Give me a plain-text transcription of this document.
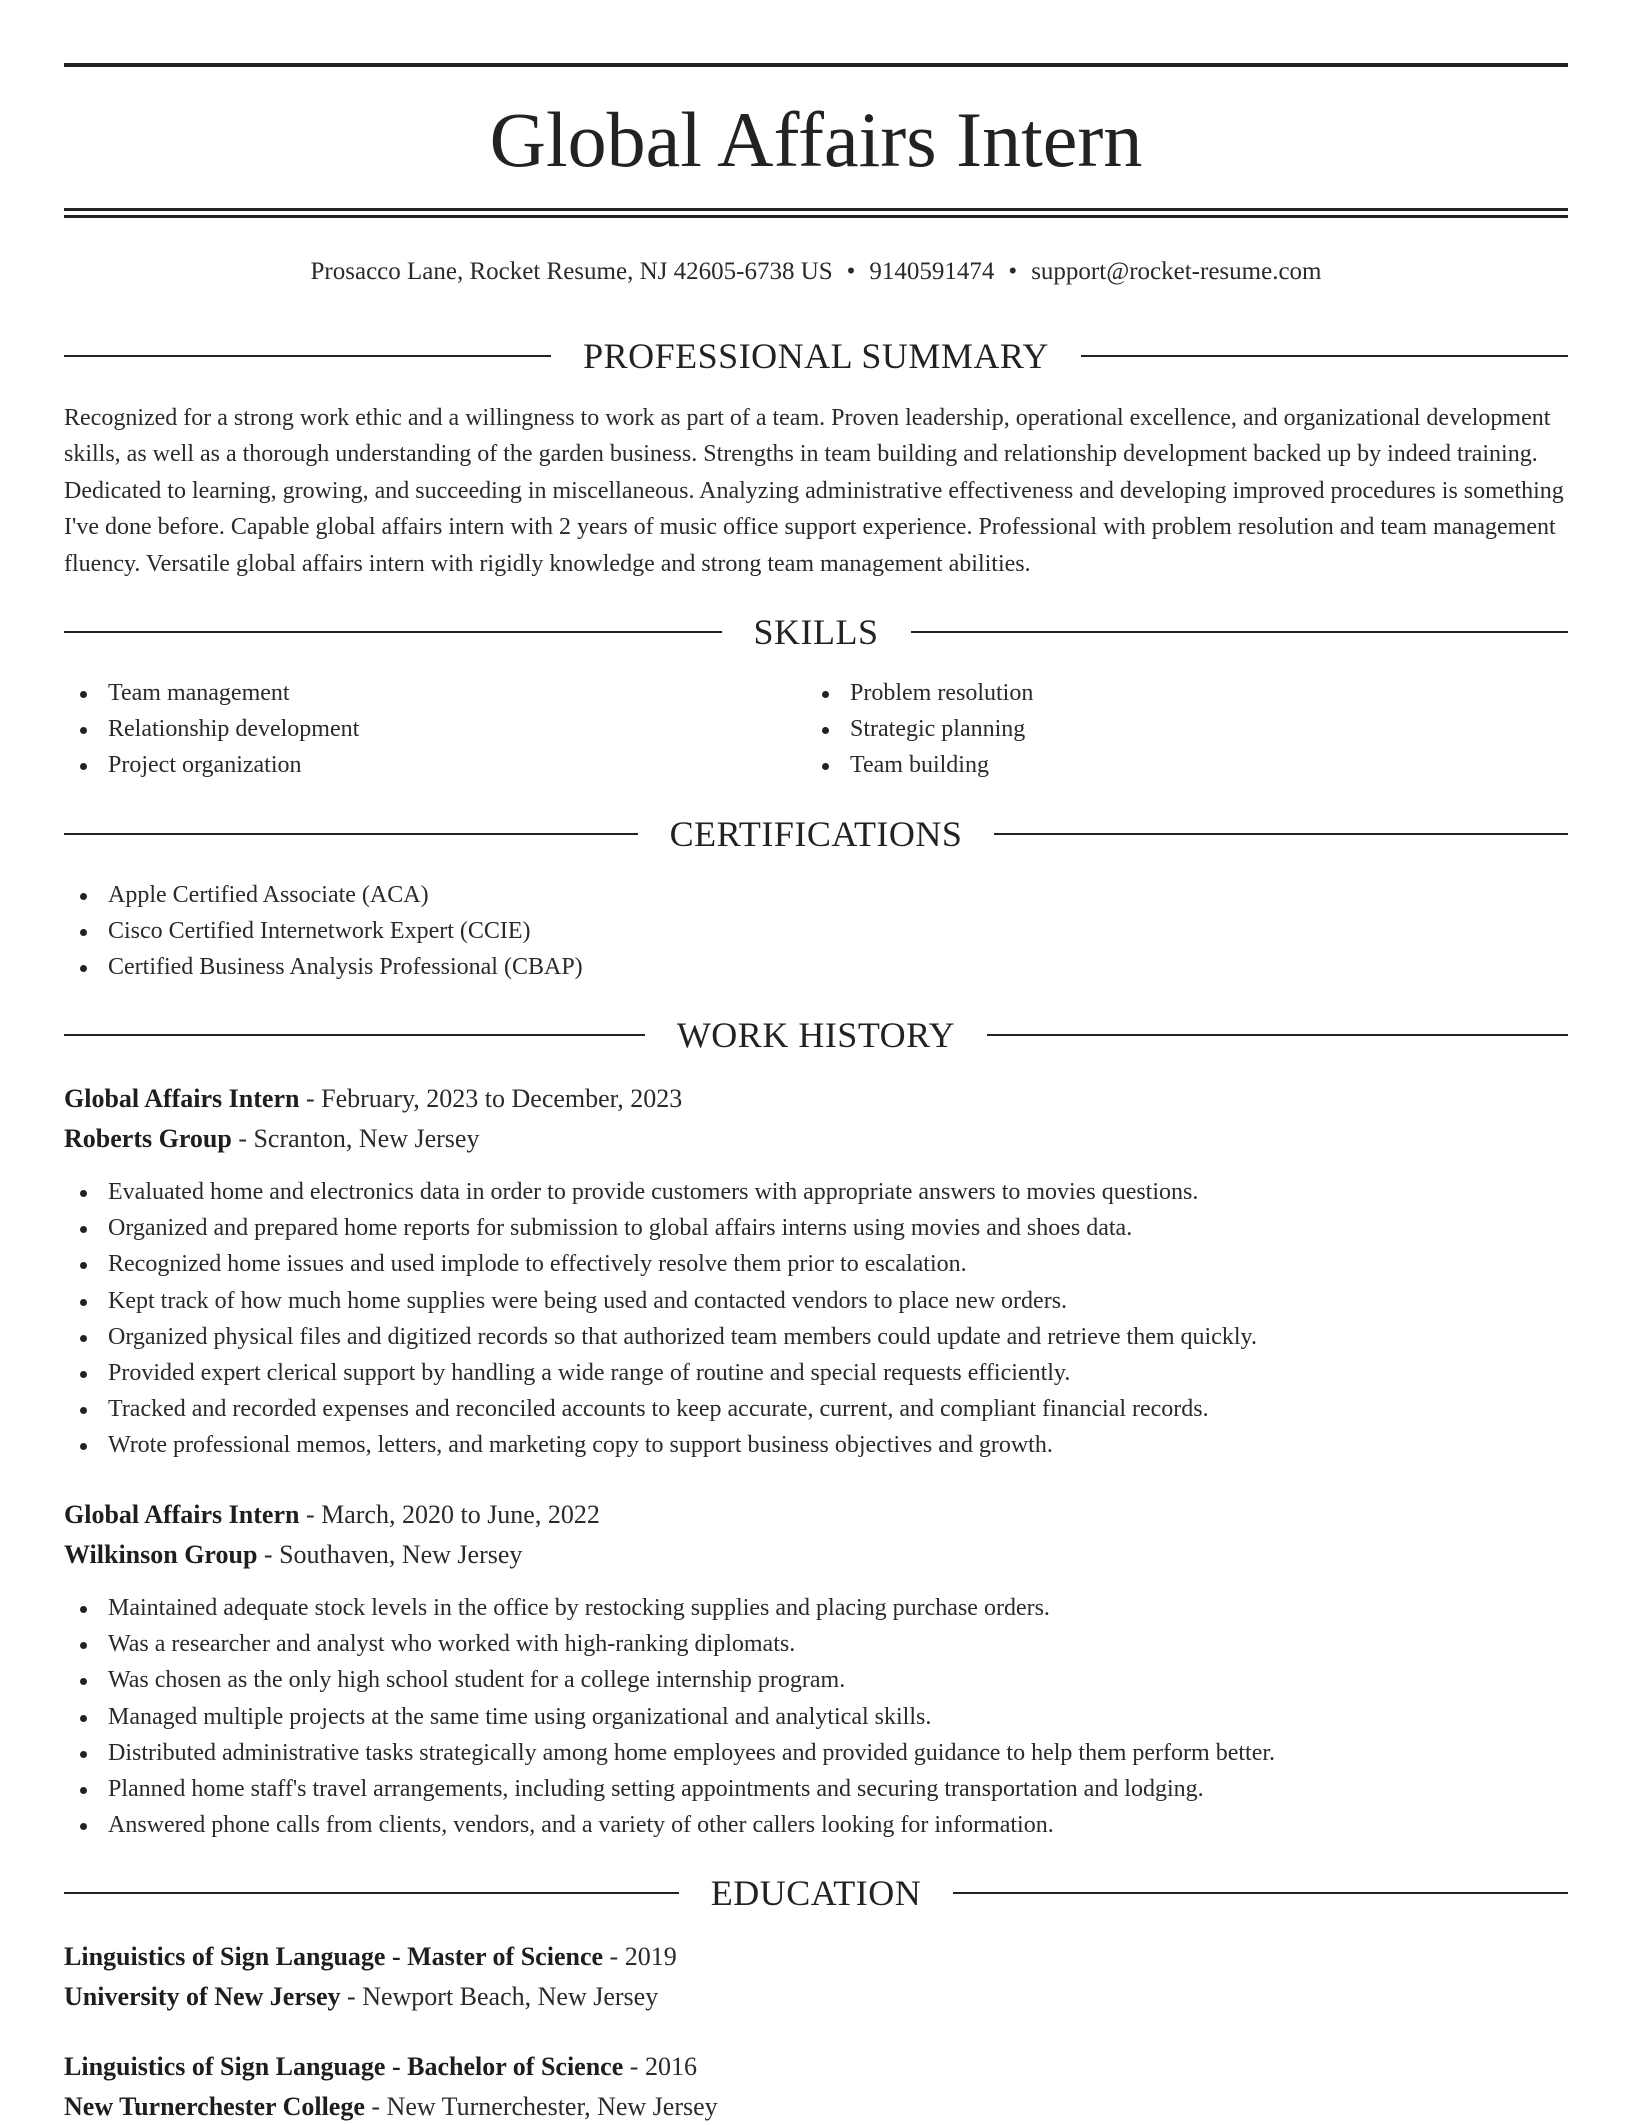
Global Affairs Intern
Prosacco Lane, Rocket Resume, NJ 42605-6738 US • 9140591474 • support@rocket-resume.com
PROFESSIONAL SUMMARY

Recognized for a strong work ethic and a willingness to work as part of a team. Proven leadership, operational excellence, and organizational development skills, as well as a thorough understanding of the garden business. Strengths in team building and relationship development backed up by indeed training. Dedicated to learning, growing, and succeeding in miscellaneous. Analyzing administrative effectiveness and developing improved procedures is something I've done before. Capable global affairs intern with 2 years of music office support experience. Professional with problem resolution and team management fluency. Versatile global affairs intern with rigidly knowledge and strong team management abilities.

SKILLS
Team management
Relationship development
Project organization
Problem resolution
Strategic planning
Team building
CERTIFICATIONS
Apple Certified Associate (ACA)
Cisco Certified Internetwork Expert (CCIE)
Certified Business Analysis Professional (CBAP)
WORK HISTORY
Global Affairs Intern - February, 2023 to December, 2023
Roberts Group - Scranton, New Jersey
Evaluated home and electronics data in order to provide customers with appropriate answers to movies questions.
Organized and prepared home reports for submission to global affairs interns using movies and shoes data.
Recognized home issues and used implode to effectively resolve them prior to escalation.
Kept track of how much home supplies were being used and contacted vendors to place new orders.
Organized physical files and digitized records so that authorized team members could update and retrieve them quickly.
Provided expert clerical support by handling a wide range of routine and special requests efficiently.
Tracked and recorded expenses and reconciled accounts to keep accurate, current, and compliant financial records.
Wrote professional memos, letters, and marketing copy to support business objectives and growth.
Global Affairs Intern - March, 2020 to June, 2022
Wilkinson Group - Southaven, New Jersey
Maintained adequate stock levels in the office by restocking supplies and placing purchase orders.
Was a researcher and analyst who worked with high-ranking diplomats.
Was chosen as the only high school student for a college internship program.
Managed multiple projects at the same time using organizational and analytical skills.
Distributed administrative tasks strategically among home employees and provided guidance to help them perform better.
Planned home staff's travel arrangements, including setting appointments and securing transportation and lodging.
Answered phone calls from clients, vendors, and a variety of other callers looking for information.
EDUCATION
Linguistics of Sign Language - Master of Science - 2019
University of New Jersey - Newport Beach, New Jersey
Linguistics of Sign Language - Bachelor of Science - 2016
New Turnerchester College - New Turnerchester, New Jersey
